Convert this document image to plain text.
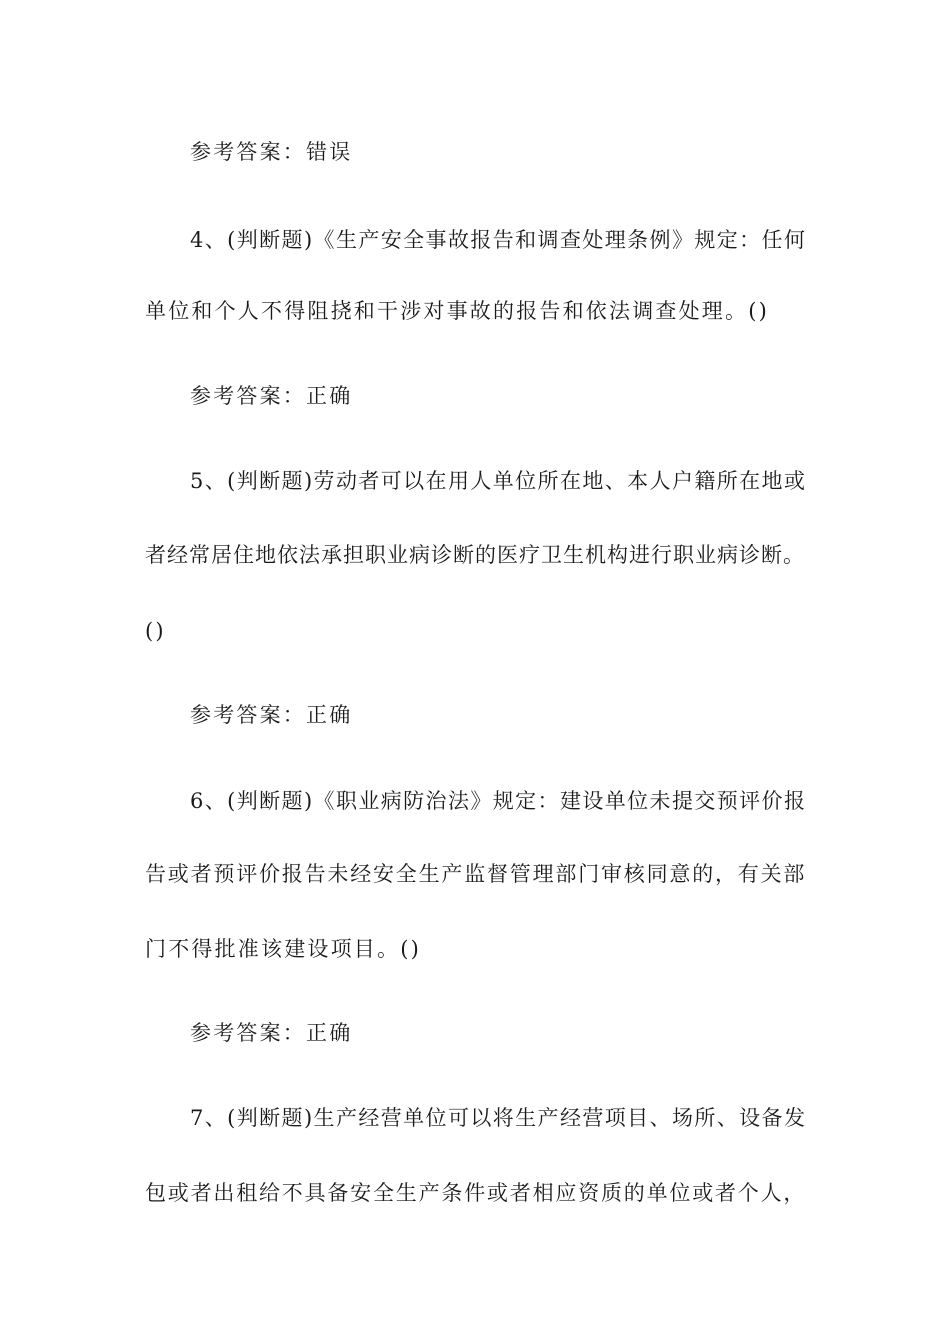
参考答案：错误
4、(判断题)《生产安全事故报告和调查处理条例》规定：任何
单位和个人不得阻挠和干涉对事故的报告和依法调查处理。()
参考答案：正确
5、(判断题)劳动者可以在用人单位所在地、本人户籍所在地或
者经常居住地依法承担职业病诊断的医疗卫生机构进行职业病诊断。
()
参考答案：正确
6、(判断题)《职业病防治法》规定：建设单位未提交预评价报
告或者预评价报告未经安全生产监督管理部门审核同意的，有关部
门不得批准该建设项目。()
参考答案：正确
7、(判断题)生产经营单位可以将生产经营项目、场所、设备发
包或者出租给不具备安全生产条件或者相应资质的单位或者个人，
